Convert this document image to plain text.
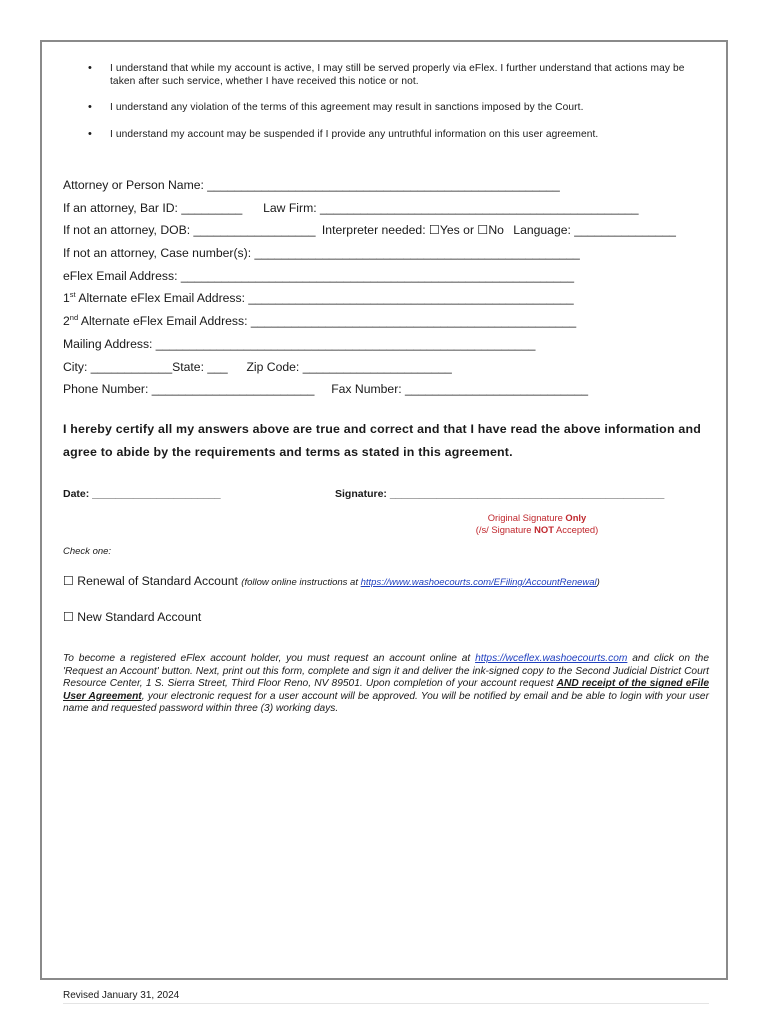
• I understand that while my account is active, I may still be served properly via eFlex. I further understand that actions may be taken after such service, whether I have received this notice or not.
• I understand any violation of the terms of this agreement may result in sanctions imposed by the Court.
• I understand my account may be suspended if I provide any untruthful information on this user agreement.
Attorney or Person Name: ____________________________________________________
If an attorney, Bar ID: _________ Law Firm: _______________________________________________
If not an attorney, DOB: __________________ Interpreter needed: ☐Yes or ☐No Language: _______________
If not an attorney, Case number(s): ________________________________________________
eFlex Email Address: __________________________________________________________
1st Alternate eFlex Email Address: ________________________________________________
2nd Alternate eFlex Email Address: ________________________________________________
Mailing Address: ________________________________________________________
City: ____________State: ___ Zip Code: ______________________
Phone Number: ________________________ Fax Number: ___________________________
I hereby certify all my answers above are true and correct and that I have read the above information and agree to abide by the requirements and terms as stated in this agreement.
Date: ______________________	Signature: _______________________________________________
Original Signature Only
(/s/ Signature NOT Accepted)
Check one:
☐ Renewal of Standard Account (follow online instructions at https://www.washoecourts.com/EFiling/AccountRenewal)
☐ New Standard Account
To become a registered eFlex account holder, you must request an account online at https://wceflex.washoecourts.com and click on the 'Request an Account' button. Next, print out this form, complete and sign it and deliver the ink-signed copy to the Second Judicial District Court Resource Center, 1 S. Sierra Street, Third Floor Reno, NV 89501. Upon completion of your account request AND receipt of the signed eFile User Agreement, your electronic request for a user account will be approved. You will be notified by email and be able to login with your user name and requested password within three (3) working days.
Revised January 31, 2024
